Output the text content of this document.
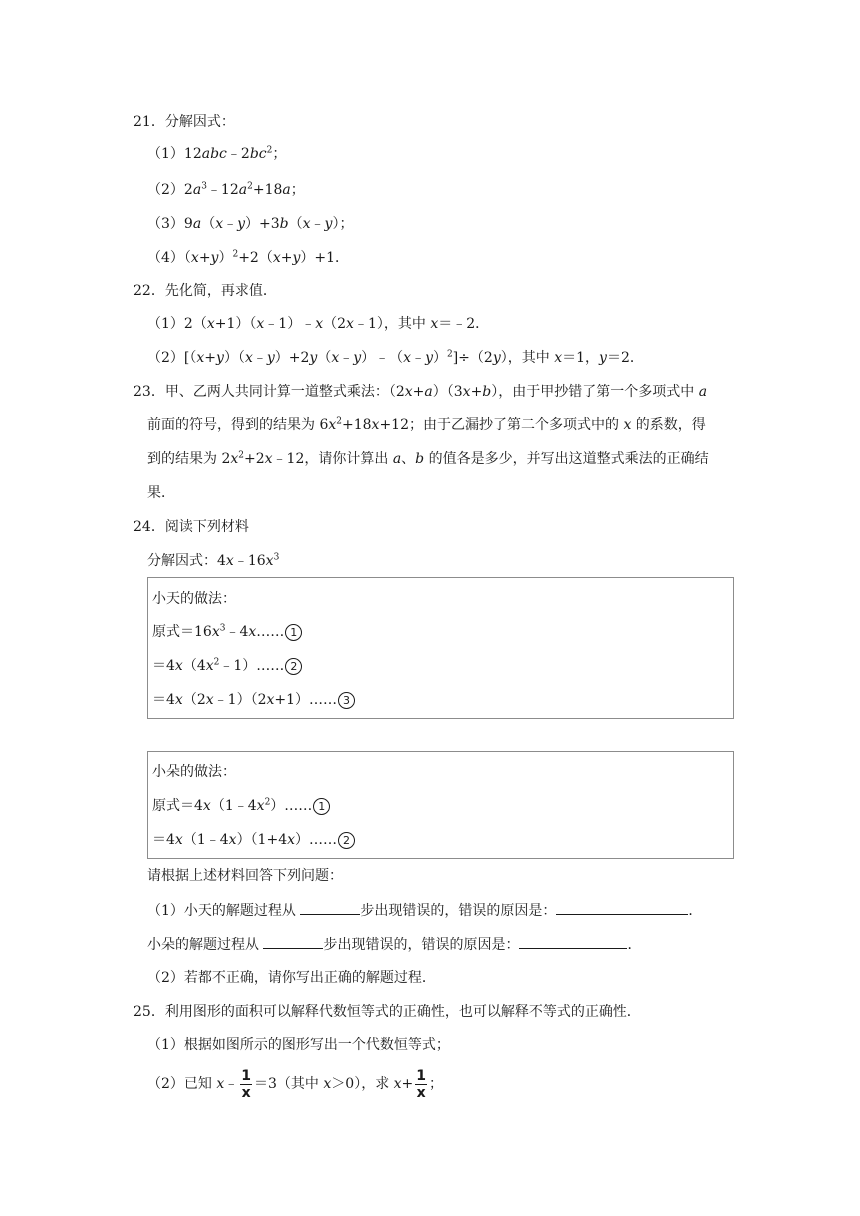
21．分解因式：
$(1)12abc﹣2bc^2$；
$(2)2a^3﹣12a^2+18a$；
（3）9a（x﹣y）+3b（x﹣y）；
$(4)(x+y)^2+2(x+y)+1$．
22．先化简，再求值．
（1）2（x+1）（x﹣1）﹣x（2x﹣1），其中 x＝﹣2．
（2）[（x+y）（x﹣y）+2y（x﹣y）﹣（x﹣y）$^2$]÷（2y），其中 x＝1，y＝2．
23．甲、乙两人共同计算一道整式乘法：（2x+a）（3x+b），由于甲抄错了第一个多项式中 a
前面的符号，得到的结果为 $6x^2+18x+12$；由于乙漏抄了第二个多项式中的 x 的系数，得
到的结果为 $2x^2+2x﹣12$，请你计算出 a、b 的值各是多少，并写出这道整式乘法的正确结
果．
24．阅读下列材料
分解因式：$4x﹣16x^3$
小天的做法：
原式$=16x^3﹣4x\dots\dots$ 1
$=4x(4x^2﹣1)\dots\dots$ 2
＝4x（2x﹣1）（2x+1）…… 3
小朵的做法：
原式$=4x(1﹣4x^2)\dots\dots$ 1
＝4x（1﹣4x）（1+4x）…… 2
请根据上述材料回答下列问题：
（1）小天的解题过程从	步出现错误的，错误的原因是：	．
小朵的解题过程从	步出现错误的，错误的原因是：	．
（2）若都不正确，请你写出正确的解题过程．
25．利用图形的面积可以解释代数恒等式的正确性，也可以解释不等式的正确性．
（1）根据如图所示的图形写出一个代数恒等式；
（2）已知 x﹣ $\frac{1}{x} =3$（其中 x＞0），求 $x+ \frac{1}{x}$ ；
